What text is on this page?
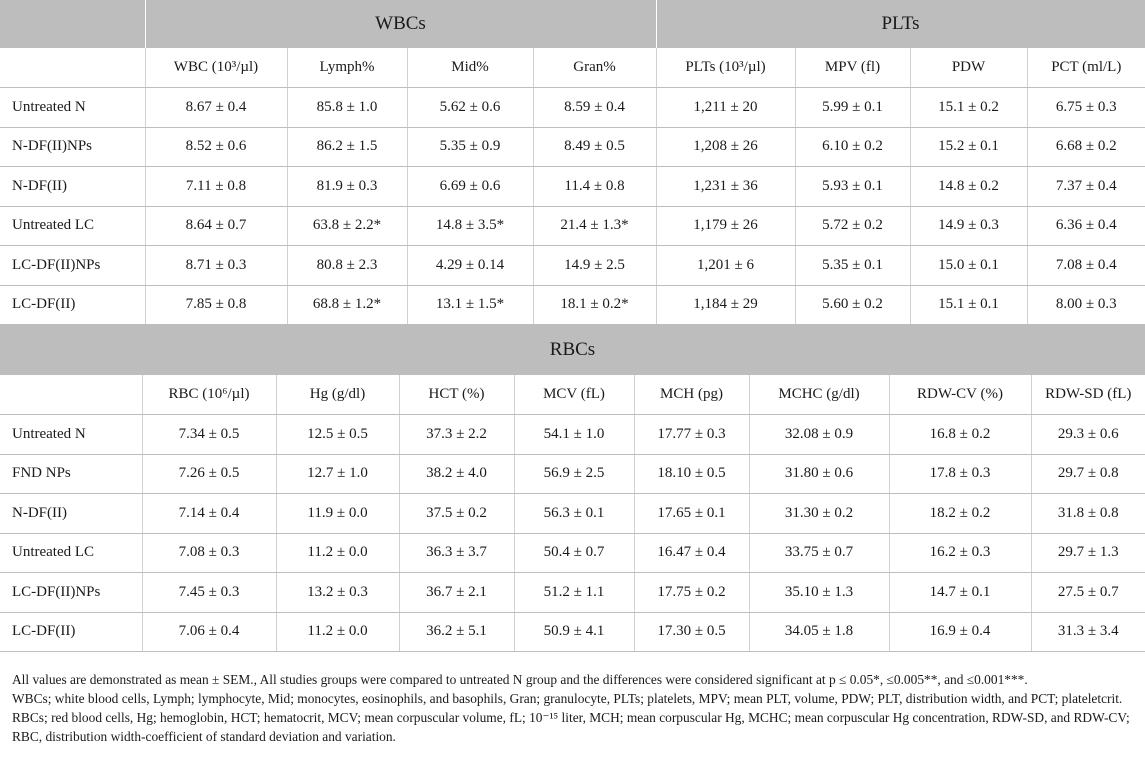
	WBCs				PLTs			
	WBC (10³/µl)	Lymph%	Mid%	Gran%	PLTs (10³/µl)	MPV (fl)	PDW	PCT (ml/L)
Untreated N	8.67 ± 0.4	85.8 ± 1.0	5.62 ± 0.6	8.59 ± 0.4	1,211 ± 20	5.99 ± 0.1	15.1 ± 0.2	6.75 ± 0.3
N-DF(II)NPs	8.52 ± 0.6	86.2 ± 1.5	5.35 ± 0.9	8.49 ± 0.5	1,208 ± 26	6.10 ± 0.2	15.2 ± 0.1	6.68 ± 0.2
N-DF(II)	7.11 ± 0.8	81.9 ± 0.3	6.69 ± 0.6	11.4 ± 0.8	1,231 ± 36	5.93 ± 0.1	14.8 ± 0.2	7.37 ± 0.4
Untreated LC	8.64 ± 0.7	63.8 ± 2.2*	14.8 ± 3.5*	21.4 ± 1.3*	1,179 ± 26	5.72 ± 0.2	14.9 ± 0.3	6.36 ± 0.4
LC-DF(II)NPs	8.71 ± 0.3	80.8 ± 2.3	4.29 ± 0.14	14.9 ± 2.5	1,201 ± 6	5.35 ± 0.1	15.0 ± 0.1	7.08 ± 0.4
LC-DF(II)	7.85 ± 0.8	68.8 ± 1.2*	13.1 ± 1.5*	18.1 ± 0.2*	1,184 ± 29	5.60 ± 0.2	15.1 ± 0.1	8.00 ± 0.3
RBCs								
	RBC (10⁶/µl)	Hg (g/dl)	HCT (%)	MCV (fL)	MCH (pg)	MCHC (g/dl)	RDW-CV (%)	RDW-SD (fL)
Untreated N	7.34 ± 0.5	12.5 ± 0.5	37.3 ± 2.2	54.1 ± 1.0	17.77 ± 0.3	32.08 ± 0.9	16.8 ± 0.2	29.3 ± 0.6
FND NPs	7.26 ± 0.5	12.7 ± 1.0	38.2 ± 4.0	56.9 ± 2.5	18.10 ± 0.5	31.80 ± 0.6	17.8 ± 0.3	29.7 ± 0.8
N-DF(II)	7.14 ± 0.4	11.9 ± 0.0	37.5 ± 0.2	56.3 ± 0.1	17.65 ± 0.1	31.30 ± 0.2	18.2 ± 0.2	31.8 ± 0.8
Untreated LC	7.08 ± 0.3	11.2 ± 0.0	36.3 ± 3.7	50.4 ± 0.7	16.47 ± 0.4	33.75 ± 0.7	16.2 ± 0.3	29.7 ± 1.3
LC-DF(II)NPs	7.45 ± 0.3	13.2 ± 0.3	36.7 ± 2.1	51.2 ± 1.1	17.75 ± 0.2	35.10 ± 1.3	14.7 ± 0.1	27.5 ± 0.7
LC-DF(II)	7.06 ± 0.4	11.2 ± 0.0	36.2 ± 5.1	50.9 ± 4.1	17.30 ± 0.5	34.05 ± 1.8	16.9 ± 0.4	31.3 ± 3.4

All values are demonstrated as mean ± SEM., All studies groups were compared to untreated N group and the differences were considered significant at p ≤ 0.05*, ≤0.005**, and ≤0.001***.

WBCs; white blood cells, Lymph; lymphocyte, Mid; monocytes, eosinophils, and basophils, Gran; granulocyte, PLTs; platelets, MPV; mean PLT, volume, PDW; PLT, distribution width, and PCT; plateletcrit. RBCs; red blood cells, Hg; hemoglobin, HCT; hematocrit, MCV; mean corpuscular volume, fL; 10⁻¹⁵ liter, MCH; mean corpuscular Hg, MCHC; mean corpuscular Hg concentration, RDW-SD, and RDW-CV; RBC, distribution width-coefficient of standard deviation and variation.
